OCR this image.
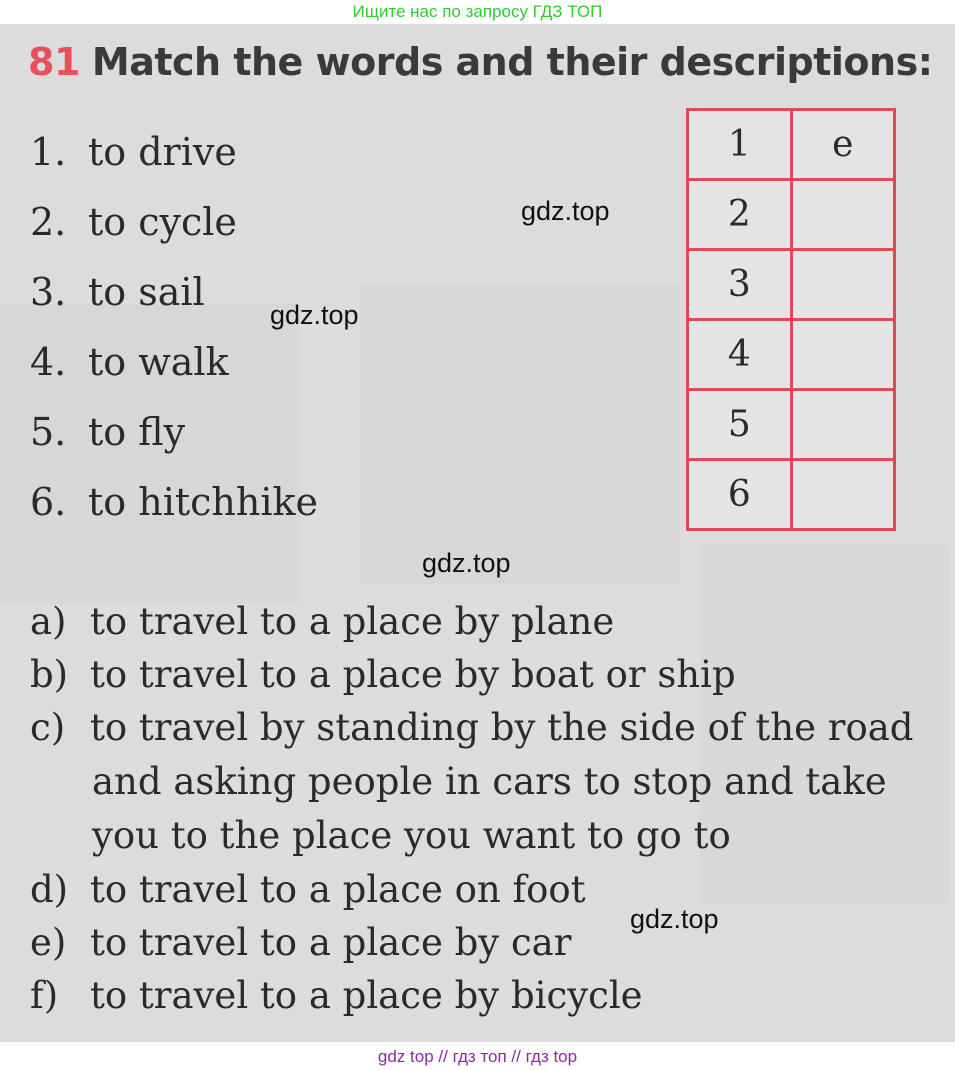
Ищите нас по запросу ГДЗ ТОП
81 Match the words and their descriptions:
1. to drive
2. to cycle
3. to sail
4. to walk
5. to fly
6. to hitchhike
1	e
2	
3	
4	
5	
6	
a) to travel to a place by plane
b) to travel to a place by boat or ship
c) to travel by standing by the side of the road
and asking people in cars to stop and take
you to the place you want to go to
d) to travel to a place on foot
e) to travel to a place by car
f) to travel to a place by bicycle
gdz.top
gdz.top
gdz.top
gdz.top
gdz top // гдз топ // гдз top
